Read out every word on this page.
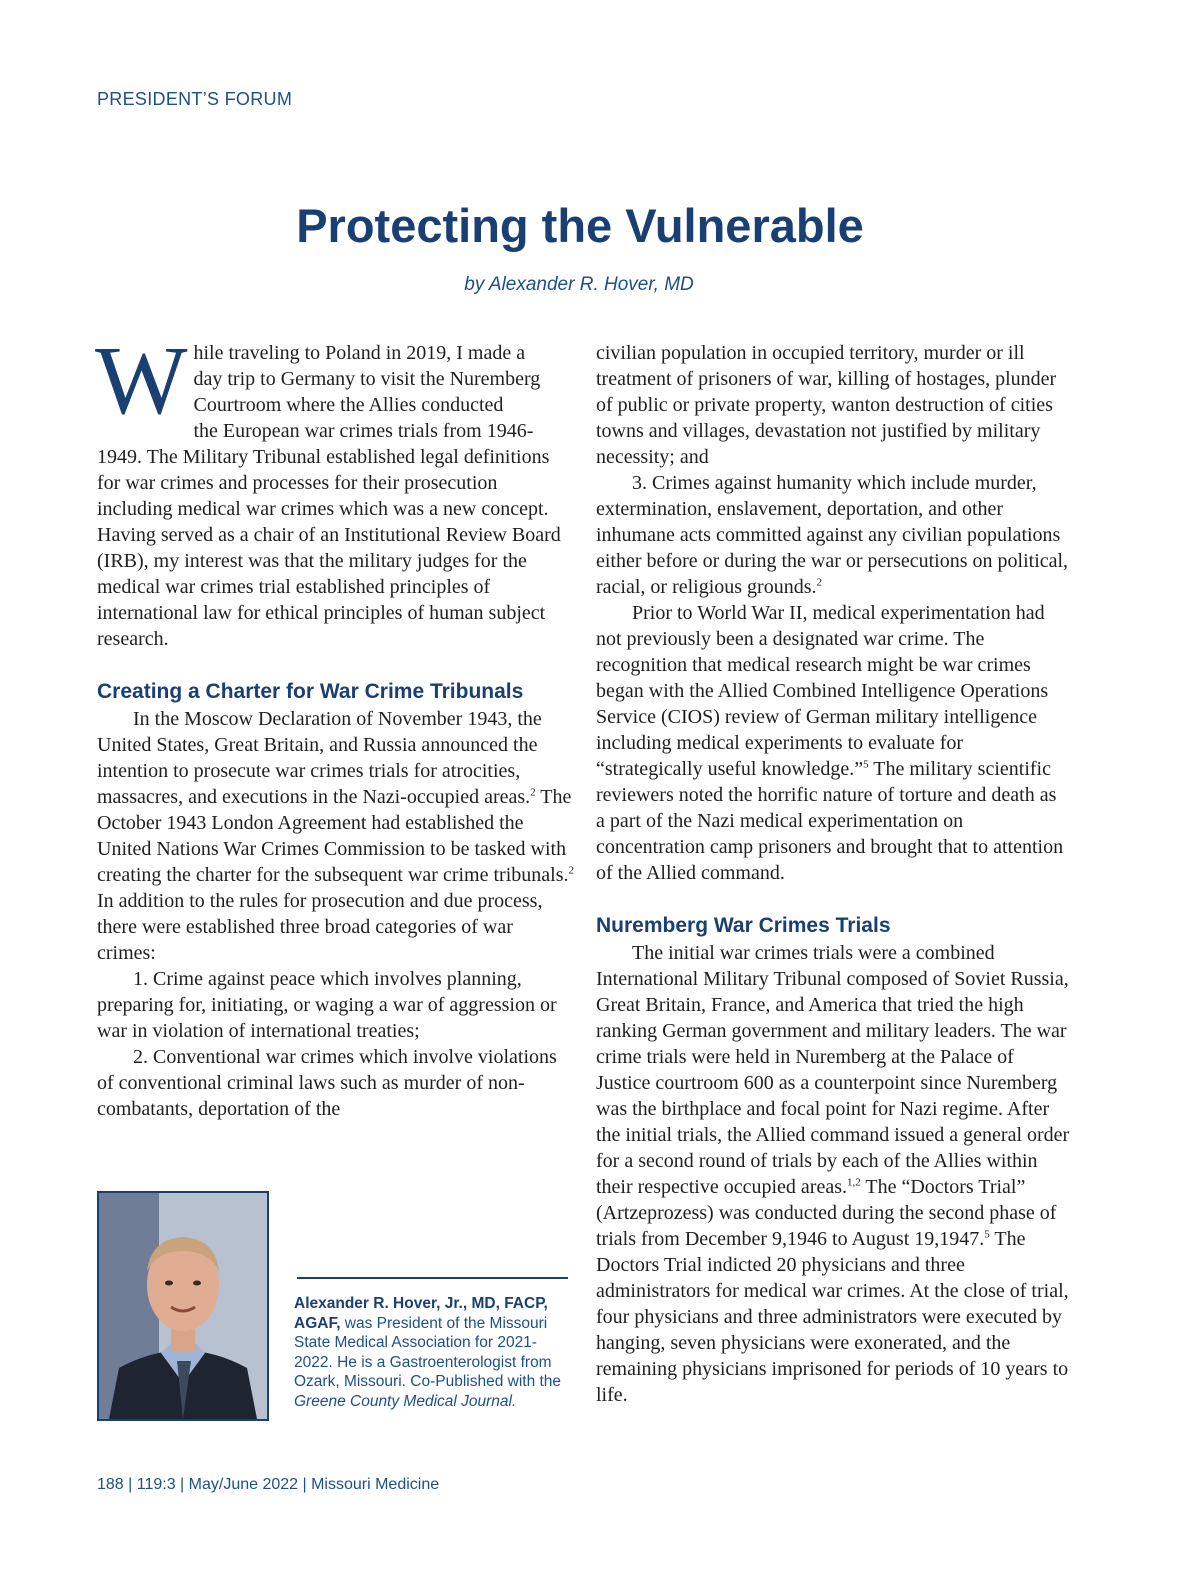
PRESIDENT’S FORUM
Protecting the Vulnerable
by Alexander R. Hover, MD

W hile traveling to Poland in 2019, I made a
day trip to Germany to visit the Nuremberg
Courtroom where the Allies conducted
the European war crimes trials from 1946-1949. The Military Tribunal established legal definitions for war crimes and processes for their prosecution including medical war crimes which was a new concept. Having served as a chair of an Institutional Review Board (IRB), my interest was that the military judges for the medical war crimes trial established principles of international law for ethical principles of human subject research.

Creating a Charter for War Crime Tribunals

In the Moscow Declaration of November 1943, the United States, Great Britain, and Russia announced the intention to prosecute war crimes trials for atrocities, massacres, and executions in the Nazi-occupied areas.$^2$ The October 1943 London Agreement had established the United Nations War Crimes Commission to be tasked with creating the charter for the subsequent war crime tribunals.$^2$ In addition to the rules for prosecution and due process, there were established three broad categories of war crimes:

1. Crime against peace which involves planning, preparing for, initiating, or waging a war of aggression or war in violation of international treaties;

2. Conventional war crimes which involve violations of conventional criminal laws such as murder of non-combatants, deportation of the

civilian population in occupied territory, murder or ill treatment of prisoners of war, killing of hostages, plunder of public or private property, wanton destruction of cities towns and villages, devastation not justified by military necessity; and

3. Crimes against humanity which include murder, extermination, enslavement, deportation, and other inhumane acts committed against any civilian populations either before or during the war or persecutions on political, racial, or religious grounds.$^2$

Prior to World War II, medical experimentation had not previously been a designated war crime. The recognition that medical research might be war crimes began with the Allied Combined Intelligence Operations Service (CIOS) review of German military intelligence including medical experiments to evaluate for “strategically useful knowledge.”$^5$ The military scientific reviewers noted the horrific nature of torture and death as a part of the Nazi medical experimentation on concentration camp prisoners and brought that to attention of the Allied command.

Nuremberg War Crimes Trials

The initial war crimes trials were a combined International Military Tribunal composed of Soviet Russia, Great Britain, France, and America that tried the high ranking German government and military leaders. The war crime trials were held in Nuremberg at the Palace of Justice courtroom 600 as a counterpoint since Nuremberg was the birthplace and focal point for Nazi regime. After the initial trials, the Allied command issued a general order for a second round of trials by each of the Allies within their respective occupied areas.$^{1,2}$ The “Doctors Trial” (Artzeprozess) was conducted during the second phase of trials from December 9,1946 to August 19,1947.$^5$ The Doctors Trial indicted 20 physicians and three administrators for medical war crimes. At the close of trial, four physicians and three administrators were executed by hanging, seven physicians were exonerated, and the remaining physicians imprisoned for periods of 10 years to life.

Alexander R. Hover, Jr., MD, FACP, AGAF, was President of the Missouri State Medical Association for 2021-2022. He is a Gastroenterologist from Ozark, Missouri. Co-Published with the Greene County Medical Journal.
188 | 119:3 | May/June 2022 | Missouri Medicine
